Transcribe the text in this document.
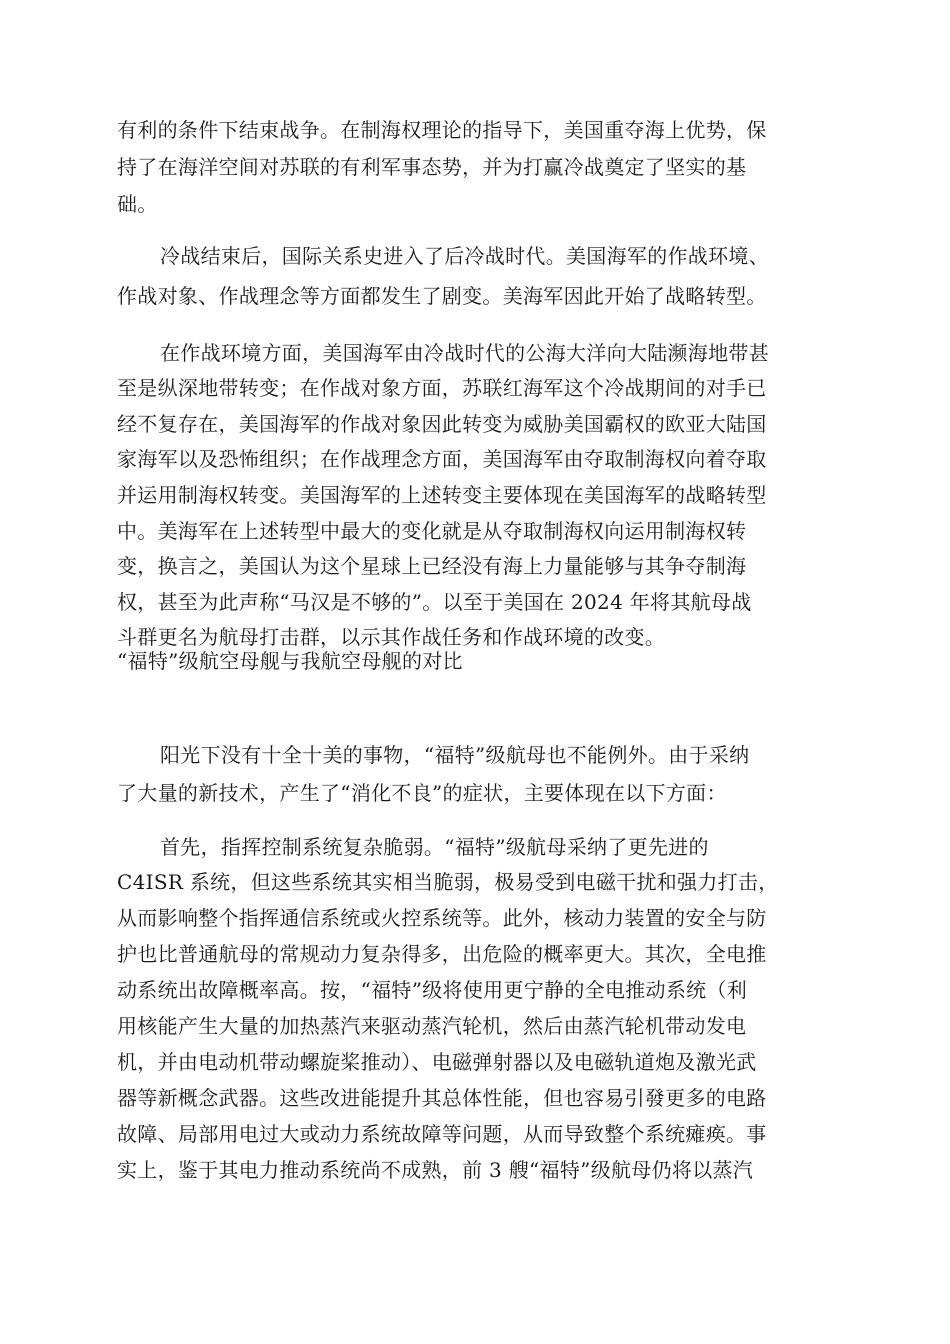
有利的条件下结束战争。在制海权理论的指导下，美国重夺海上优势，保
持了在海洋空间对苏联的有利军事态势，并为打赢冷战奠定了坚实的基
础。
冷战结束后，国际关系史进入了后冷战时代。美国海军的作战环境、
作战对象、作战理念等方面都发生了剧变。美海军因此开始了战略转型。
在作战环境方面，美国海军由冷战时代的公海大洋向大陆濒海地带甚
至是纵深地带转变；在作战对象方面，苏联红海军这个冷战期间的对手已
经不复存在，美国海军的作战对象因此转变为威胁美国霸权的欧亚大陆国
家海军以及恐怖组织；在作战理念方面，美国海军由夺取制海权向着夺取
并运用制海权转变。美国海军的上述转变主要体现在美国海军的战略转型
中。美海军在上述转型中最大的变化就是从夺取制海权向运用制海权转
变，换言之，美国认为这个星球上已经没有海上力量能够与其争夺制海
权，甚至为此声称“马汉是不够的”。以至于美国在 2024 年将其航母战
斗群更名为航母打击群，以示其作战任务和作战环境的改变。
“福特”级航空母舰与我航空母舰的对比
阳光下没有十全十美的事物，“福特”级航母也不能例外。由于采纳
了大量的新技术，产生了“消化不良”的症状，主要体现在以下方面：
首先，指挥控制系统复杂脆弱。“福特”级航母采纳了更先进的
C4ISR 系统，但这些系统其实相当脆弱，极易受到电磁干扰和强力打击，
从而影响整个指挥通信系统或火控系统等。此外，核动力装置的安全与防
护也比普通航母的常规动力复杂得多，出危险的概率更大。其次，全电推
动系统出故障概率高。按，“福特”级将使用更宁静的全电推动系统（利
用核能产生大量的加热蒸汽来驱动蒸汽轮机，然后由蒸汽轮机带动发电
机，并由电动机带动螺旋桨推动）、电磁弹射器以及电磁轨道炮及激光武
器等新概念武器。这些改进能提升其总体性能，但也容易引發更多的电路
故障、局部用电过大或动力系统故障等问题，从而导致整个系统瘫痪。事
实上，鉴于其电力推动系统尚不成熟，前 3 艘“福特”级航母仍将以蒸汽
